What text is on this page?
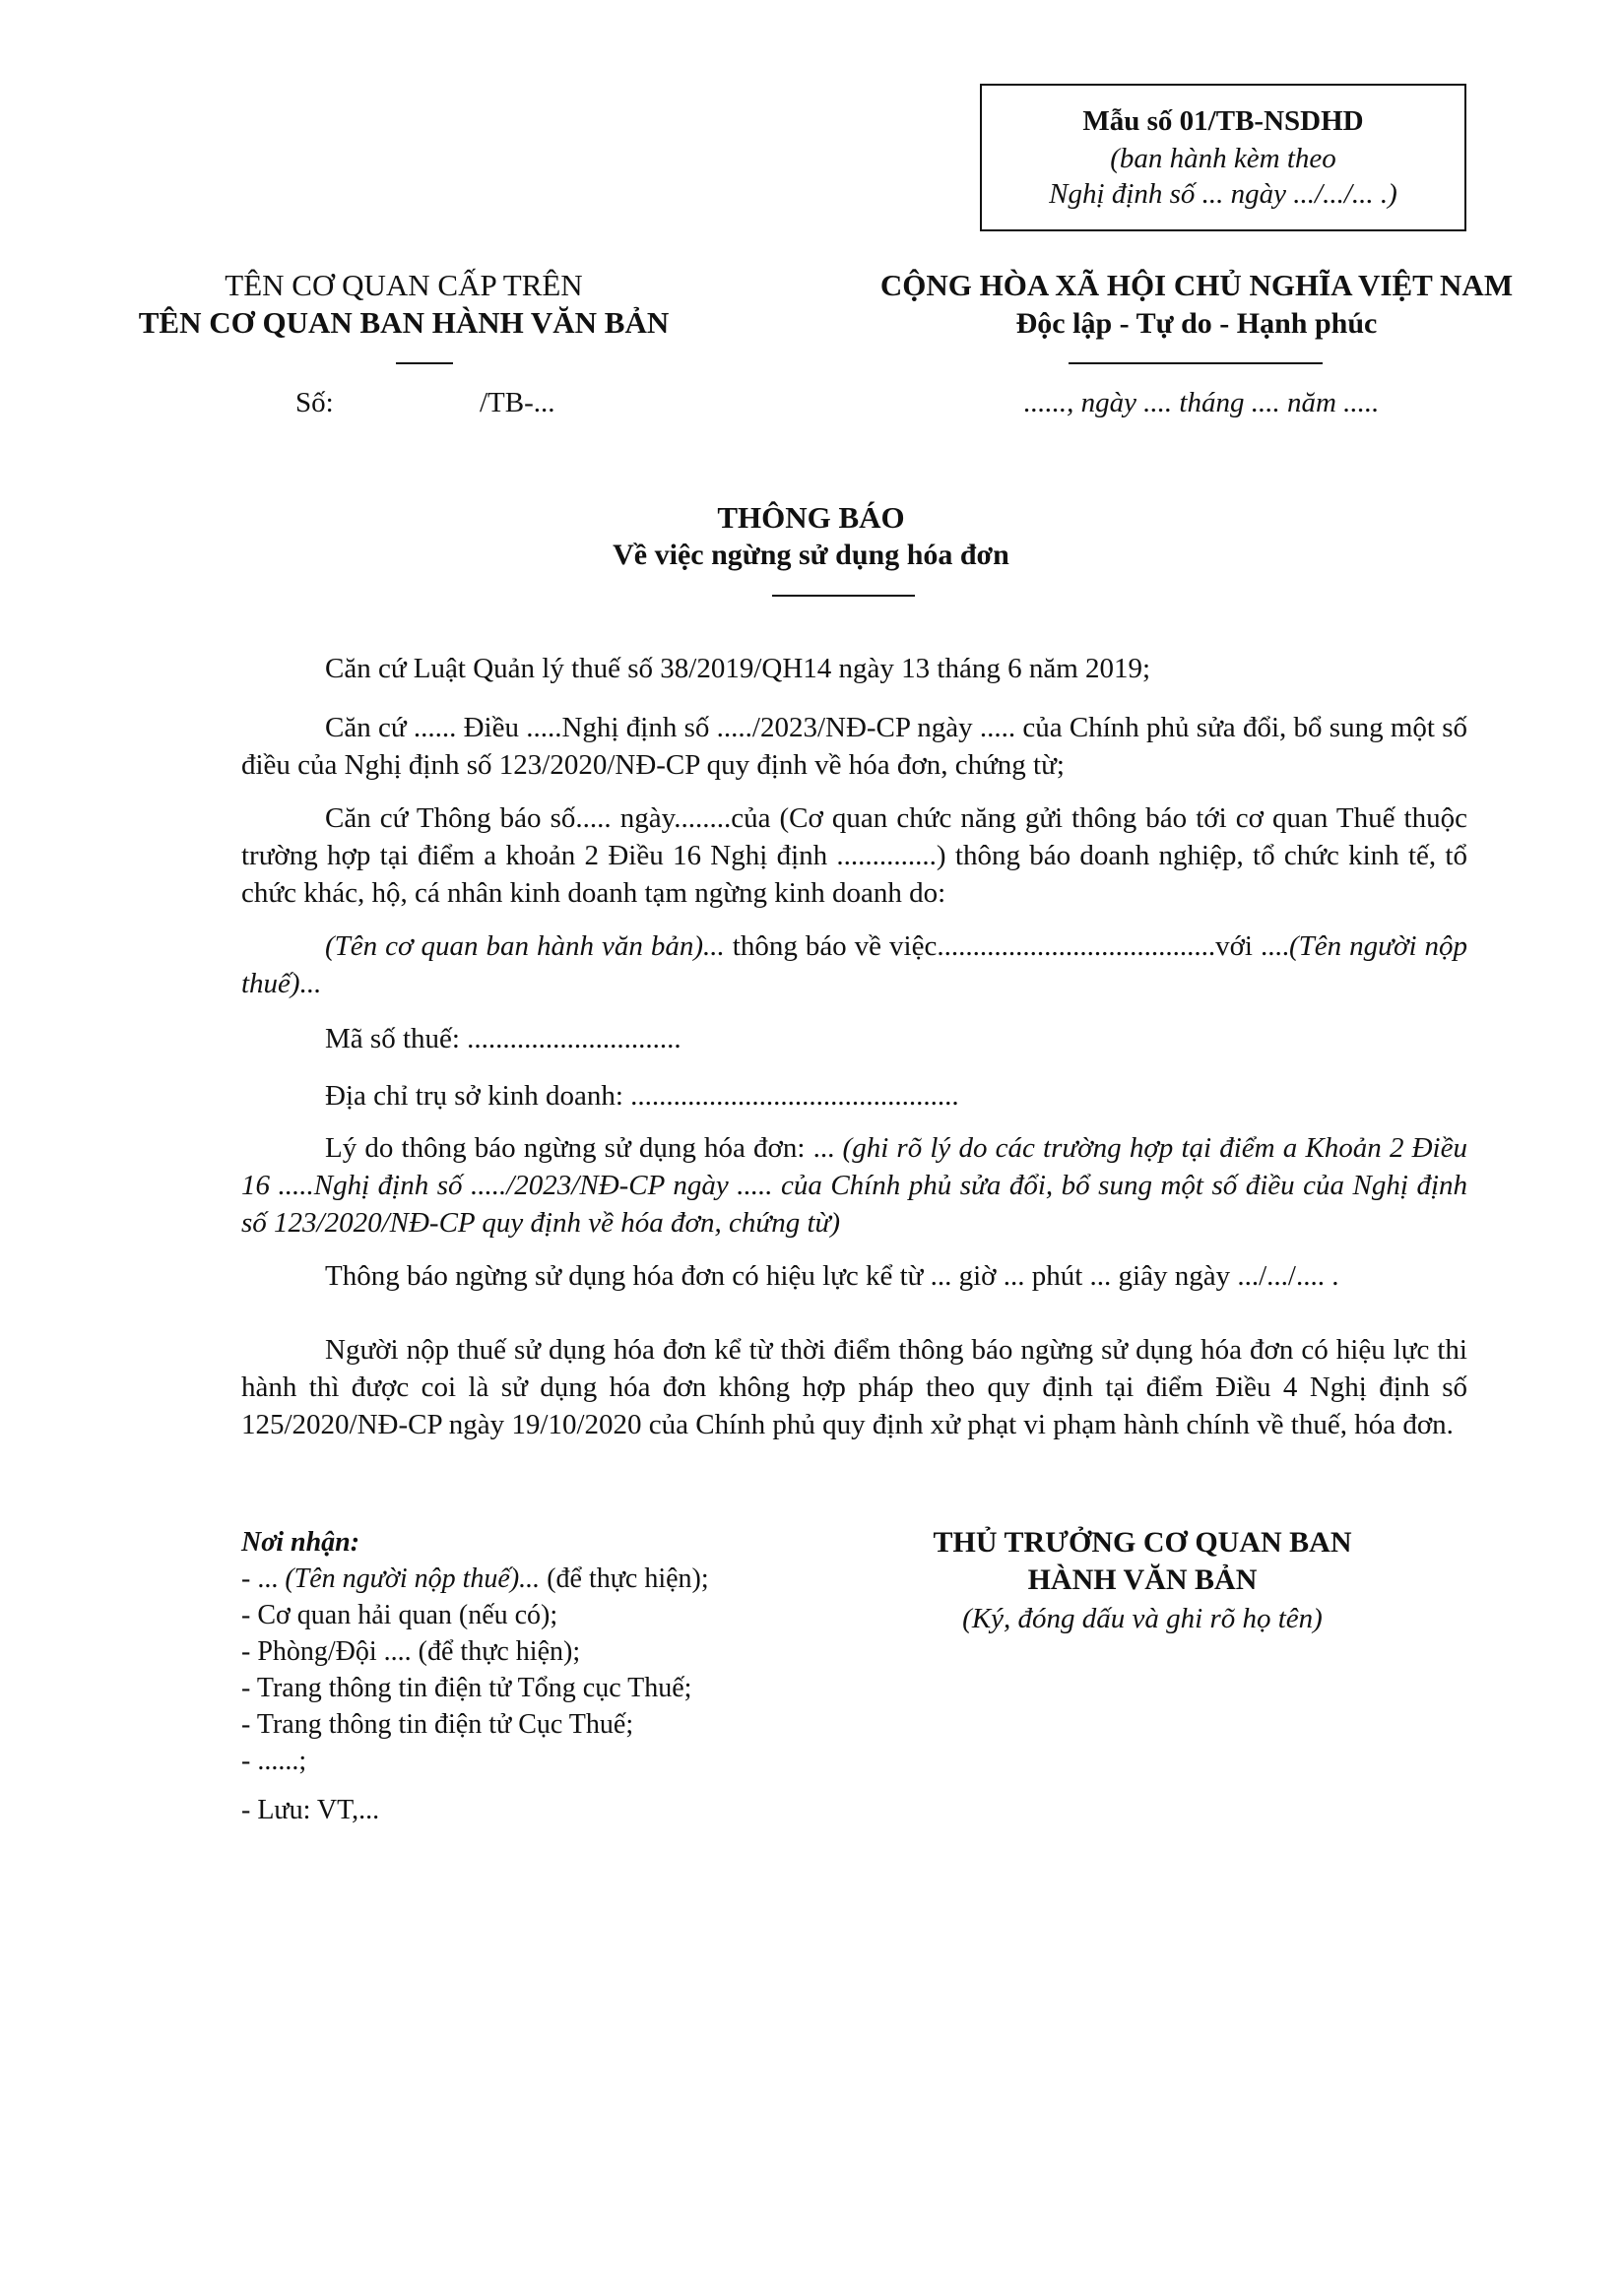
Mẫu số 01/TB-NSDHD
(ban hành kèm theo
Nghị định số ... ngày .../.../... .)
TÊN CƠ QUAN CẤP TRÊN
TÊN CƠ QUAN BAN HÀNH VĂN BẢN
Số:	/TB-...
CỘNG HÒA XÃ HỘI CHỦ NGHĨA VIỆT NAM
Độc lập - Tự do - Hạnh phúc
......, ngày .... tháng .... năm .....
THÔNG BÁO
Về việc ngừng sử dụng hóa đơn
Căn cứ Luật Quản lý thuế số 38/2019/QH14 ngày 13 tháng 6 năm 2019;
Căn cứ ...... Điều .....Nghị định số ...../2023/NĐ-CP ngày ..... của Chính phủ sửa đổi, bổ sung một số điều của Nghị định số 123/2020/NĐ-CP quy định về hóa đơn, chứng từ;
Căn cứ Thông báo số..... ngày........của (Cơ quan chức năng gửi thông báo tới cơ quan Thuế thuộc trường hợp tại điểm a khoản 2 Điều 16 Nghị định ..............) thông báo doanh nghiệp, tổ chức kinh tế, tổ chức khác, hộ, cá nhân kinh doanh tạm ngừng kinh doanh do:
(Tên cơ quan ban hành văn bản)... thông báo về việc.......................................với ....(Tên người nộp thuế)...
Mã số thuế: ..............................
Địa chỉ trụ sở kinh doanh: ..............................................
Lý do thông báo ngừng sử dụng hóa đơn: ... (ghi rõ lý do các trường hợp tại điểm a Khoản 2 Điều 16 .....Nghị định số ...../2023/NĐ-CP ngày ..... của Chính phủ sửa đổi, bổ sung một số điều của Nghị định số 123/2020/NĐ-CP quy định về hóa đơn, chứng từ)
Thông báo ngừng sử dụng hóa đơn có hiệu lực kể từ ... giờ ... phút ... giây ngày .../.../.... .
Người nộp thuế sử dụng hóa đơn kể từ thời điểm thông báo ngừng sử dụng hóa đơn có hiệu lực thi hành thì được coi là sử dụng hóa đơn không hợp pháp theo quy định tại điểm Điều 4 Nghị định số 125/2020/NĐ-CP ngày 19/10/2020 của Chính phủ quy định xử phạt vi phạm hành chính về thuế, hóa đơn.
Nơi nhận:
- ... (Tên người nộp thuế)... (để thực hiện);
- Cơ quan hải quan (nếu có);
- Phòng/Đội .... (để thực hiện);
- Trang thông tin điện tử Tổng cục Thuế;
- Trang thông tin điện tử Cục Thuế;
- ......;
- Lưu: VT,...
THỦ TRƯỞNG CƠ QUAN BAN
HÀNH VĂN BẢN
(Ký, đóng dấu và ghi rõ họ tên)
